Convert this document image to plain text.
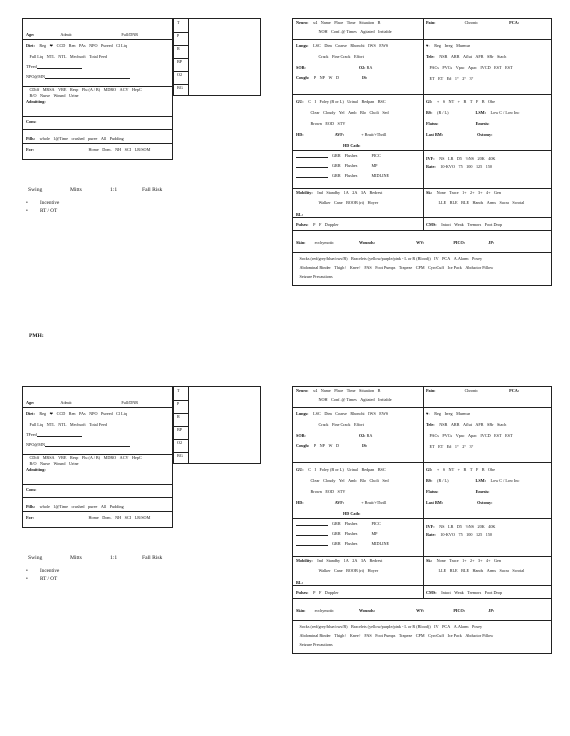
Age:	Admit:	Full/DNR
Diet: Reg ❤ CCD Ren PAs NPO Pureed Cl Liq
Full Liq NTL NTL Mechsoft Total Feed
TFeed
NPO@MN
CDiff MRSA VRE Resp Flu (A / B) MDRO ACV HepC
B/O Nurse Wound Urine
Admitting:
Cons:
Pills: whole 1@Time crushed puree All Pudding
For:	Home Dom. NH SCI LR/SOM
T
P
R
BP
O2
BG
Swing	Mitts	1:1	Fall Risk
• Incentive
• RT / OT
Neuro: x4 Name Place Time Situation B
NOH Conf. @ Times Agitated Irritable
Pain:	Chronic	PCA:
Lungs: LSC Dim Coarse Rhonchi IWS EWS
Crack Fine Crack Effort
SOB:	O2: RA
Cough: P NP W D	IS:
♥: Reg Irreg Murmur
Tele: NSR ARR Aflut AFR SBr Stach
PACs PVCs Vpac Apac IVCD EST EST
ET ET E# 1° 2° 3°
GU: C I Foley (B or L) Urinal Bedpan BSC
Clear Cloudy Yel Amb Blo Choli Sed
Brown EOD STV
HD:	AVF:	+ Bruit/+Thrill
HD Cath:
GI: + S NT + B T F B Obe
BS: (R / L)	LSM: Low C / Low Inc
Flatus:	Emesis:
Last BM:	Ostomy:
GRR Flushes	PICC
GRR Flushes	MP
GRR Flushes	MIDLINE
IVF: NS LR D5 ½NS 20K 40K
Rate: 10-KVO 75 100 125 150
Mobility: Ind Standby 1A 2A 3A Bedrest
Walker Cane BOOB (rt) Hoyer
BL:
Sk: None Trace 1+ 2+ 3+ 4+ Gen
LLE RLE BLE Hands Arms Sacra Scrotal
Pulses: P F Doppler	CMS: Intact Weak Tremors Foot Drop
Skin: ecchymotic	Wounds:	WV:	PICO:	JP:
Socks (red/grey/blue/ows/B) Bracelets (yellow/purple/pink - L or R (Blood)) IV PCA A.Alarm Posey
Abdominal Binder Thigh↑ Knee↑ FAS Foot Pumps Trapeze CPM CyroCuff Ice Pack Abductor Pillow
Seizure Precautions
PMH:
Age:	Admit:	Full/DNR
Diet: Reg ❤ CCD Ren PAs NPO Pureed Cl Liq
Full Liq NTL NTL Mechsoft Total Feed
TFeed
NPO@MN
CDiff MRSA VRE Resp Flu (A / B) MDRO ACV HepC
B/O Nurse Wound Urine
Admitting:
Cons:
Pills: whole 1@Time crushed puree All Pudding
For:	Home Dom. NH SCI LR/SOM
T
P
R
BP
O2
BG
Swing	Mitts	1:1	Fall Risk
• Incentive
• RT / OT
Neuro: x4 Name Place Time Situation B
NOH Conf. @ Times Agitated Irritable
Pain:	Chronic	PCA:
Lungs: LSC Dim Coarse Rhonchi IWS EWS
Crack Fine Crack Effort
SOB:	O2: RA
Cough: P NP W D	IS:
♥: Reg Irreg Murmur
Tele: NSR ARR Aflut AFR SBr Stach
PACs PVCs Vpac Apac IVCD EST EST
ET ET E# 1° 2° 3°
GU: C I Foley (B or L) Urinal Bedpan BSC
Clear Cloudy Yel Amb Blo Choli Sed
Brown EOD STV
HD:	AVF:	+ Bruit/+Thrill
HD Cath:
GI: + S NT + B T F B Obe
BS: (R / L)	LSM: Low C / Low Inc
Flatus:	Emesis:
Last BM:	Ostomy:
GRR Flushes	PICC
GRR Flushes	MP
GRR Flushes	MIDLINE
IVF: NS LR D5 ½NS 20K 40K
Rate: 10-KVO 75 100 125 150
Mobility: Ind Standby 1A 2A 3A Bedrest
Walker Cane BOOB (rt) Hoyer
BL:
Sk: None Trace 1+ 2+ 3+ 4+ Gen
LLE RLE BLE Hands Arms Sacra Scrotal
Pulses: P F Doppler	CMS: Intact Weak Tremors Foot Drop
Skin: ecchymotic	Wounds:	WV:	PICO:	JP:
Socks (red/grey/blue/ows/B) Bracelets (yellow/purple/pink - L or R (Blood)) IV PCA A.Alarm Posey
Abdominal Binder Thigh↑ Knee↑ FAS Foot Pumps Trapeze CPM CyroCuff Ice Pack Abductor Pillow
Seizure Precautions
